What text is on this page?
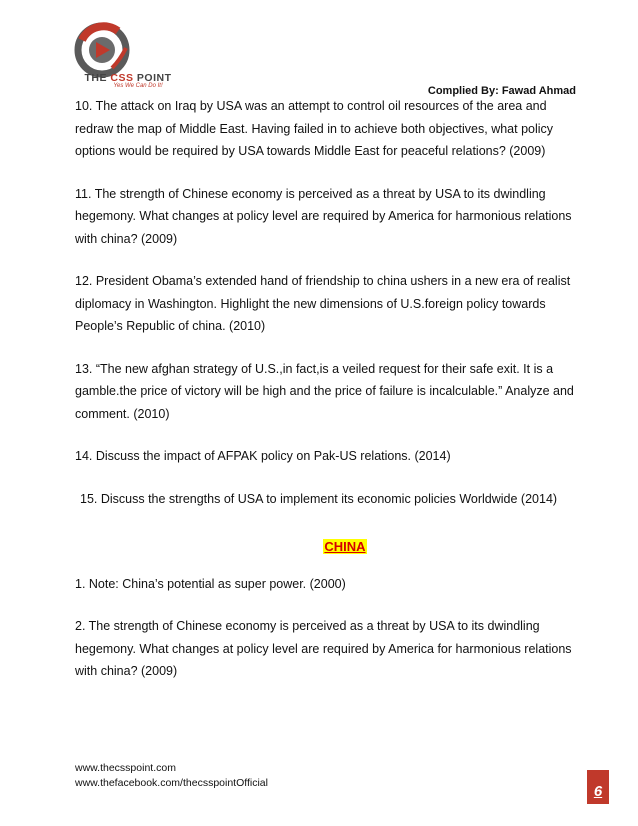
THE CSS POINT
Yes We Can Do It!	Complied By: Fawad Ahmad

10. The attack on Iraq by USA was an attempt to control oil resources of the area and redraw the map of Middle East. Having failed in to achieve both objectives, what policy options would be required by USA towards Middle East for peaceful relations? (2009)

11. The strength of Chinese economy is perceived as a threat by USA to its dwindling hegemony. What changes at policy level are required by America for harmonious relations with china? (2009)

12. President Obama’s extended hand of friendship to china ushers in a new era of realist diplomacy in Washington. Highlight the new dimensions of U.S.foreign policy towards People’s Republic of china. (2010)

13. “The new afghan strategy of U.S.,in fact,is a veiled request for their safe exit. It is a gamble.the price of victory will be high and the price of failure is incalculable.” Analyze and comment. (2010)

14. Discuss the impact of AFPAK policy on Pak-US relations. (2014)

15. Discuss the strengths of USA to implement its economic policies Worldwide (2014)

CHINA

1. Note: China’s potential as super power. (2000)

2. The strength of Chinese economy is perceived as a threat by USA to its dwindling hegemony. What changes at policy level are required by America for harmonious relations with china? (2009)

www.thecsspoint.com
www.thefacebook.com/thecsspointOfficial	6
